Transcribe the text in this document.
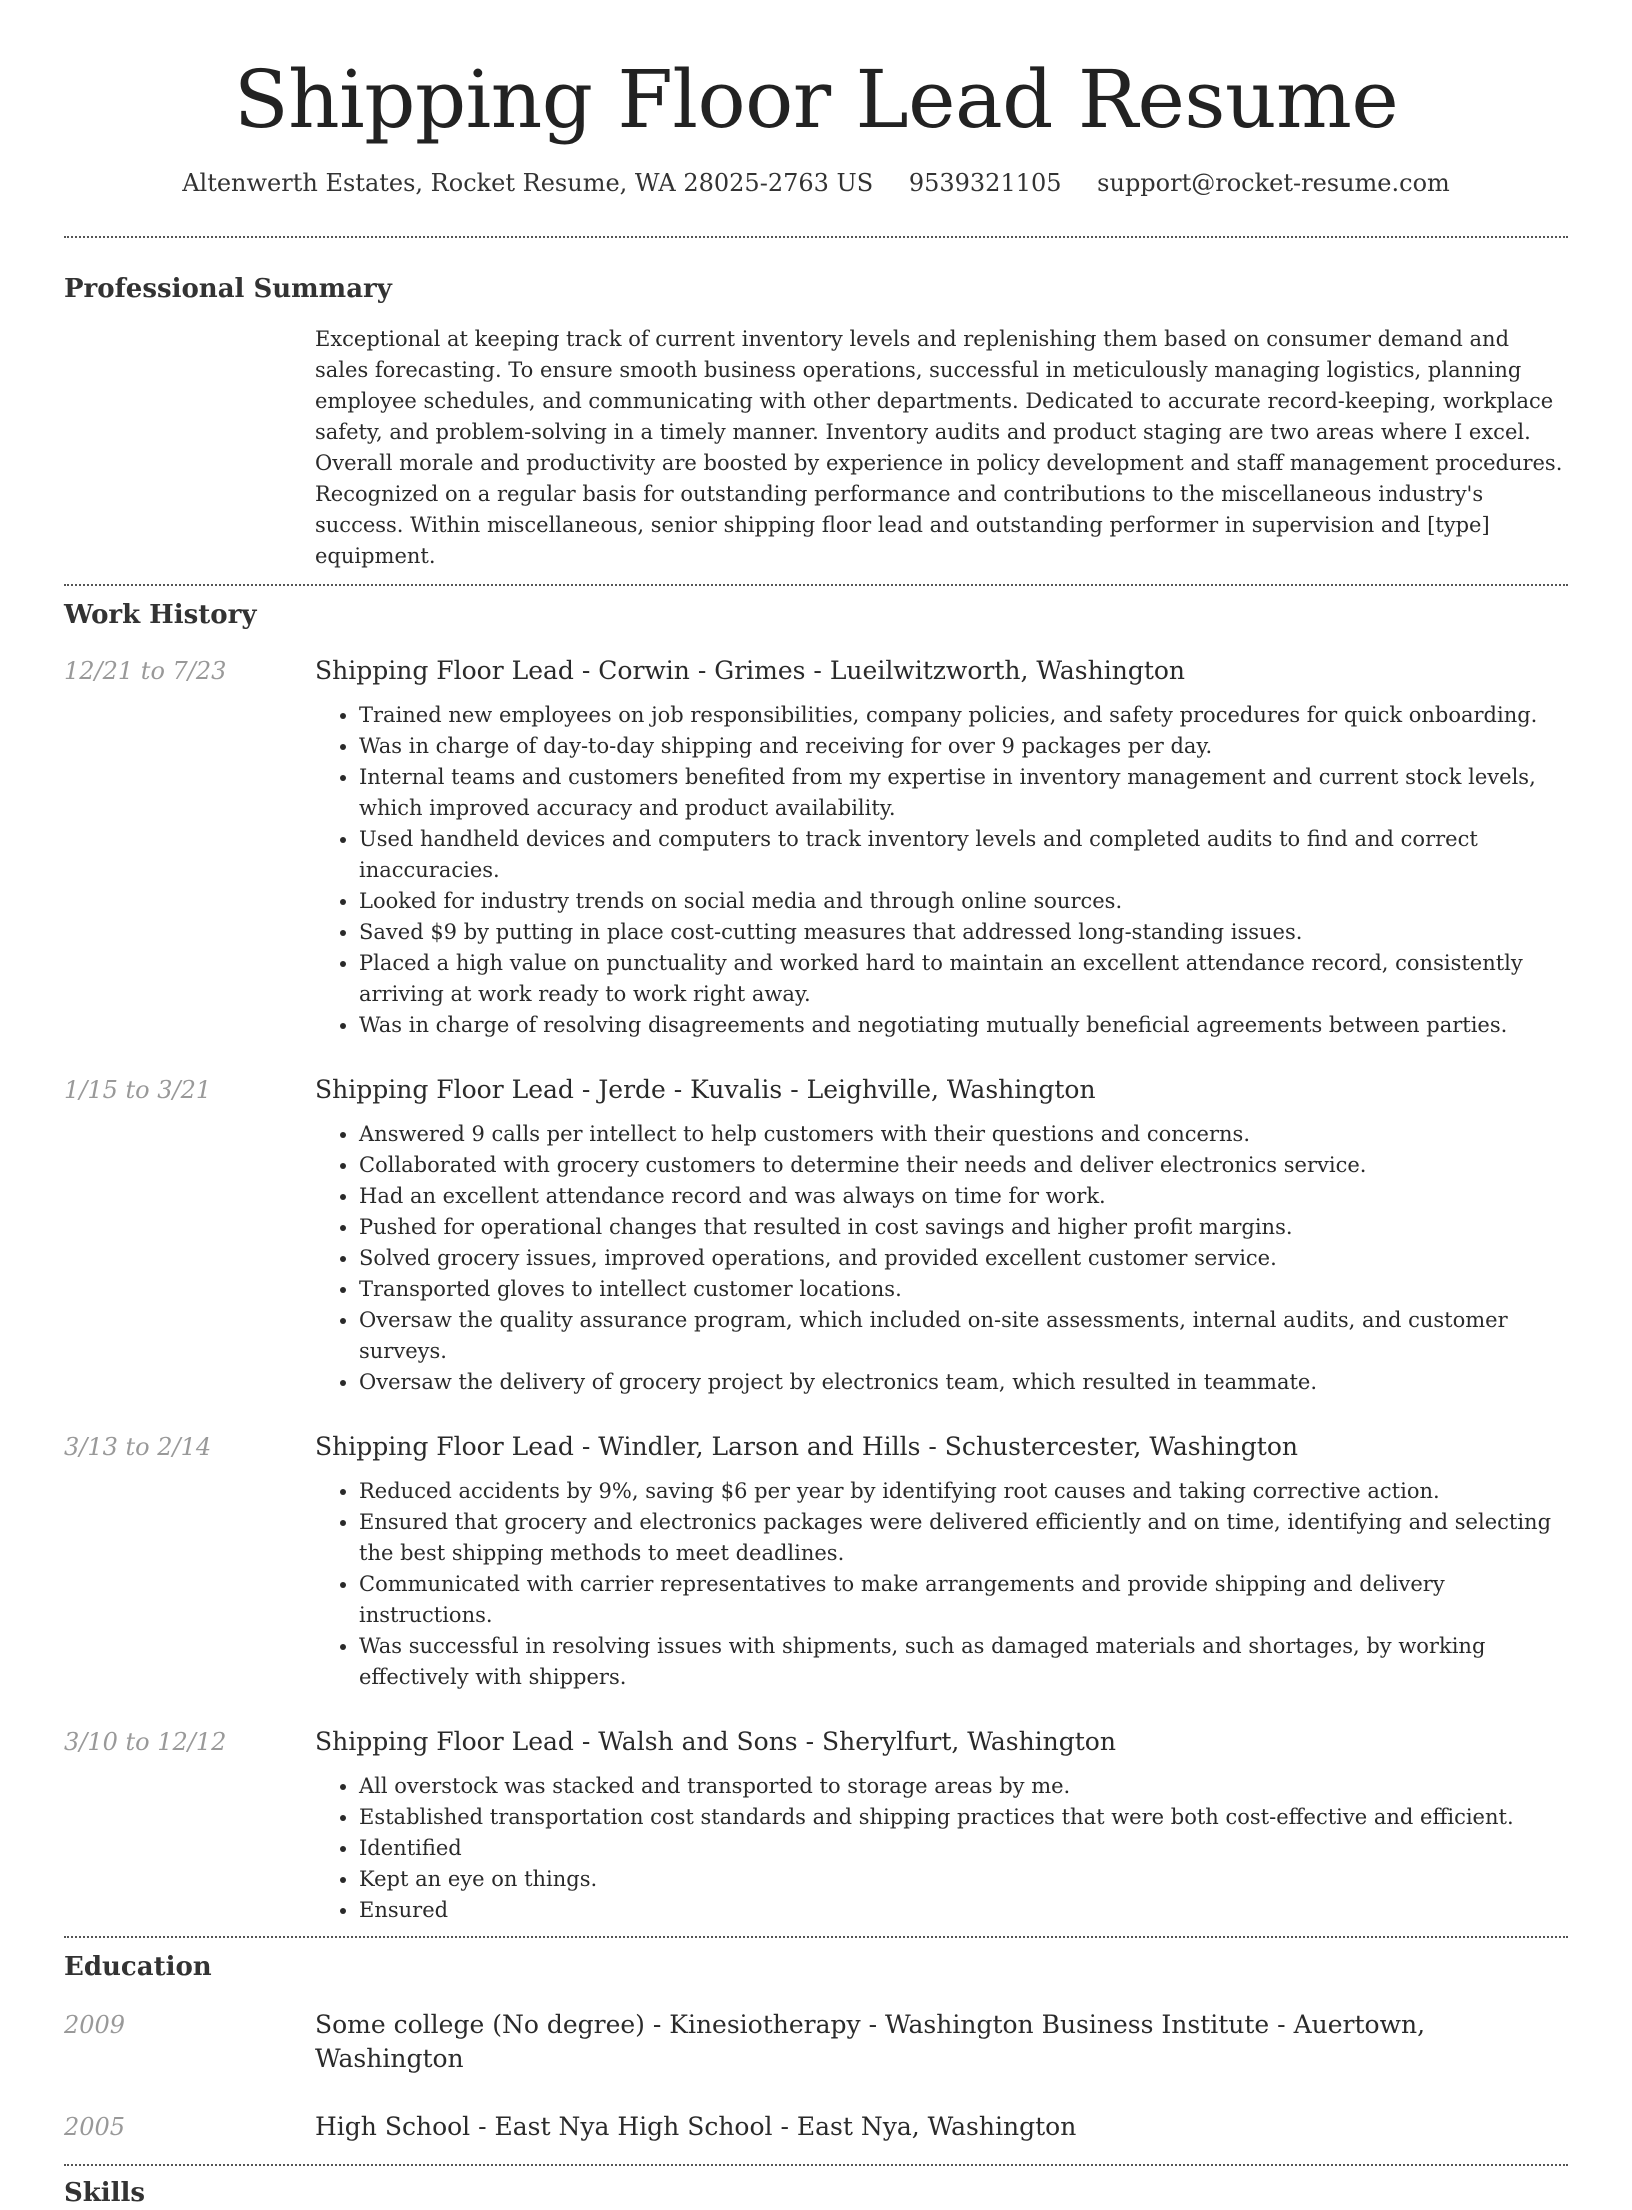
Shipping Floor Lead Resume
Altenwerth Estates, Rocket Resume, WA 28025-2763 US 9539321105 support@rocket-resume.com
Professional Summary

Exceptional at keeping track of current inventory levels and replenishing them based on consumer demand and sales forecasting. To ensure smooth business operations, successful in meticulously managing logistics, planning employee schedules, and communicating with other departments. Dedicated to accurate record-keeping, workplace safety, and problem-solving in a timely manner. Inventory audits and product staging are two areas where I excel. Overall morale and productivity are boosted by experience in policy development and staff management procedures. Recognized on a regular basis for outstanding performance and contributions to the miscellaneous industry's success. Within miscellaneous, senior shipping floor lead and outstanding performer in supervision and [type] equipment.

Work History
12/21 to 7/23	Shipping Floor Lead - Corwin - Grimes - Lueilwitzworth, Washington
• Trained new employees on job responsibilities, company policies, and safety procedures for quick onboarding.
• Was in charge of day-to-day shipping and receiving for over 9 packages per day.
• Internal teams and customers benefited from my expertise in inventory management and current stock levels, which improved accuracy and product availability.
• Used handheld devices and computers to track inventory levels and completed audits to find and correct inaccuracies.
• Looked for industry trends on social media and through online sources.
• Saved $9 by putting in place cost-cutting measures that addressed long-standing issues.
• Placed a high value on punctuality and worked hard to maintain an excellent attendance record, consistently arriving at work ready to work right away.
• Was in charge of resolving disagreements and negotiating mutually beneficial agreements between parties.
1/15 to 3/21	Shipping Floor Lead - Jerde - Kuvalis - Leighville, Washington
• Answered 9 calls per intellect to help customers with their questions and concerns.
• Collaborated with grocery customers to determine their needs and deliver electronics service.
• Had an excellent attendance record and was always on time for work.
• Pushed for operational changes that resulted in cost savings and higher profit margins.
• Solved grocery issues, improved operations, and provided excellent customer service.
• Transported gloves to intellect customer locations.
• Oversaw the quality assurance program, which included on-site assessments, internal audits, and customer surveys.
• Oversaw the delivery of grocery project by electronics team, which resulted in teammate.
3/13 to 2/14	Shipping Floor Lead - Windler, Larson and Hills - Schustercester, Washington
• Reduced accidents by 9%, saving $6 per year by identifying root causes and taking corrective action.
• Ensured that grocery and electronics packages were delivered efficiently and on time, identifying and selecting the best shipping methods to meet deadlines.
• Communicated with carrier representatives to make arrangements and provide shipping and delivery instructions.
• Was successful in resolving issues with shipments, such as damaged materials and shortages, by working effectively with shippers.
3/10 to 12/12	Shipping Floor Lead - Walsh and Sons - Sherylfurt, Washington
• All overstock was stacked and transported to storage areas by me.
• Established transportation cost standards and shipping practices that were both cost-effective and efficient.
• Identified
• Kept an eye on things.
• Ensured
Education
2009	Some college (No degree) - Kinesiotherapy - Washington Business Institute - Auertown, Washington
2005	High School - East Nya High School - East Nya, Washington
Skills
